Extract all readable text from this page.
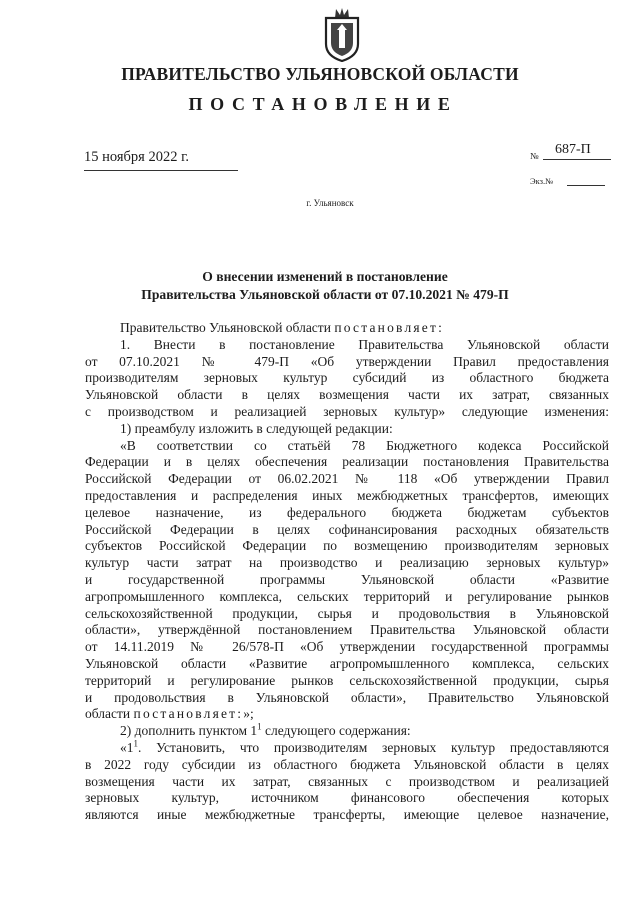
ПРАВИТЕЛЬСТВО УЛЬЯНОВСКОЙ ОБЛАСТИ
ПОСТАНОВЛЕНИЕ
15 ноября 2022 г.	№ 687-П
Экз.№
г. Ульяновск
О внесении изменений в постановление
Правительства Ульяновской области от 07.10.2021 № 479-П
Правительство Ульяновской области постановляет:
1. Внести в постановление Правительства Ульяновской области
от 07.10.2021 № 479-П «Об утверждении Правил предоставления
производителям зерновых культур субсидий из областного бюджета
Ульяновской области в целях возмещения части их затрат, связанных
с производством и реализацией зерновых культур» следующие изменения:
1) преамбулу изложить в следующей редакции:
«В соответствии со статьёй 78 Бюджетного кодекса Российской
Федерации и в целях обеспечения реализации постановления Правительства
Российской Федерации от 06.02.2021 № 118 «Об утверждении Правил
предоставления и распределения иных межбюджетных трансфертов, имеющих
целевое назначение, из федерального бюджета бюджетам субъектов
Российской Федерации в целях софинансирования расходных обязательств
субъектов Российской Федерации по возмещению производителям зерновых
культур части затрат на производство и реализацию зерновых культур»
и государственной программы Ульяновской области «Развитие
агропромышленного комплекса, сельских территорий и регулирование рынков
сельскохозяйственной продукции, сырья и продовольствия в Ульяновской
области», утверждённой постановлением Правительства Ульяновской области
от 14.11.2019 № 26/578-П «Об утверждении государственной программы
Ульяновской области «Развитие агропромышленного комплекса, сельских
территорий и регулирование рынков сельскохозяйственной продукции, сырья
и продовольствия в Ульяновской области», Правительство Ульяновской
области постановляет:»;
2) дополнить пунктом $1^1$ следующего содержания:
«$1^1$. Установить, что производителям зерновых культур предоставляются
в 2022 году субсидии из областного бюджета Ульяновской области в целях
возмещения части их затрат, связанных с производством и реализацией
зерновых культур, источником финансового обеспечения которых
являются иные межбюджетные трансферты, имеющие целевое назначение,
